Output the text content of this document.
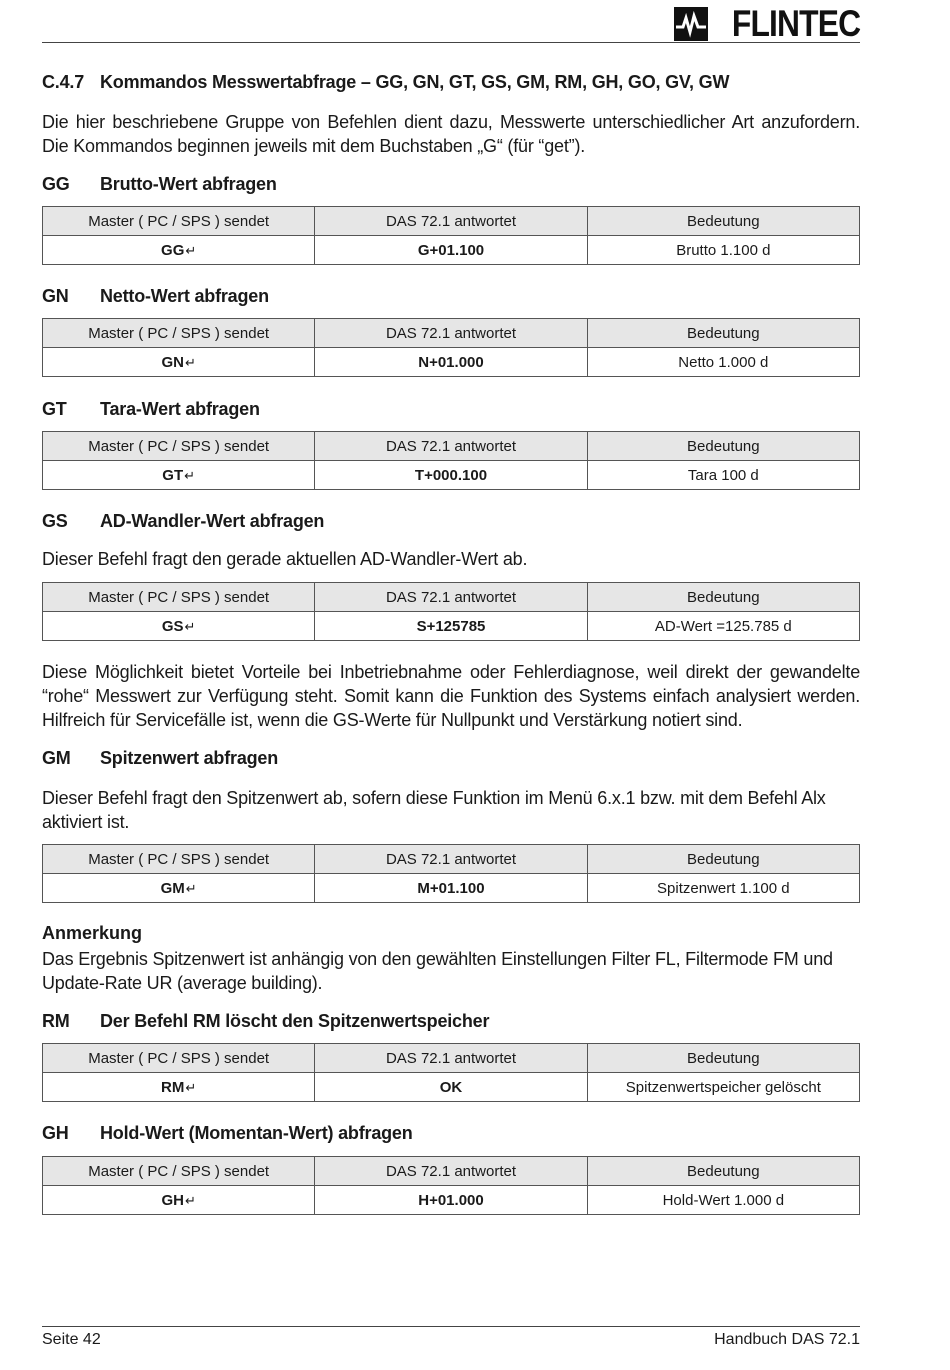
FLINTEC
C.4.7 Kommandos Messwertabfrage – GG, GN, GT, GS, GM, RM, GH, GO, GV, GW
Die hier beschriebene Gruppe von Befehlen dient dazu, Messwerte unterschiedlicher Art anzufordern. Die Kommandos beginnen jeweils mit dem Buchstaben „G“ (für “get”).
GG Brutto-Wert abfragen
Master ( PC / SPS ) sendet	DAS 72.1 antwortet	Bedeutung
GG↵	G+01.100	Brutto 1.100 d
GN Netto-Wert abfragen
Master ( PC / SPS ) sendet	DAS 72.1 antwortet	Bedeutung
GN↵	N+01.000	Netto 1.000 d
GT Tara-Wert abfragen
Master ( PC / SPS ) sendet	DAS 72.1 antwortet	Bedeutung
GT↵	T+000.100	Tara 100 d
GS AD-Wandler-Wert abfragen
Dieser Befehl fragt den gerade aktuellen AD-Wandler-Wert ab.
Master ( PC / SPS ) sendet	DAS 72.1 antwortet	Bedeutung
GS↵	S+125785	AD-Wert =125.785 d
Diese Möglichkeit bietet Vorteile bei Inbetriebnahme oder Fehlerdiagnose, weil direkt der gewandelte “rohe“ Messwert zur Verfügung steht. Somit kann die Funktion des Systems einfach analysiert werden. Hilfreich für Servicefälle ist, wenn die GS-Werte für Nullpunkt und Verstärkung notiert sind.
GM Spitzenwert abfragen
Dieser Befehl fragt den Spitzenwert ab, sofern diese Funktion im Menü 6.x.1 bzw. mit dem Befehl Alx aktiviert ist.
Master ( PC / SPS ) sendet	DAS 72.1 antwortet	Bedeutung
GM↵	M+01.100	Spitzenwert 1.100 d
Anmerkung
Das Ergebnis Spitzenwert ist anhängig von den gewählten Einstellungen Filter FL, Filtermode FM und Update-Rate UR (average building).
RM Der Befehl RM löscht den Spitzenwertspeicher
Master ( PC / SPS ) sendet	DAS 72.1 antwortet	Bedeutung
RM↵	OK	Spitzenwertspeicher gelöscht
GH Hold-Wert (Momentan-Wert) abfragen
Master ( PC / SPS ) sendet	DAS 72.1 antwortet	Bedeutung
GH↵	H+01.000	Hold-Wert 1.000 d
Seite 42	Handbuch DAS 72.1
